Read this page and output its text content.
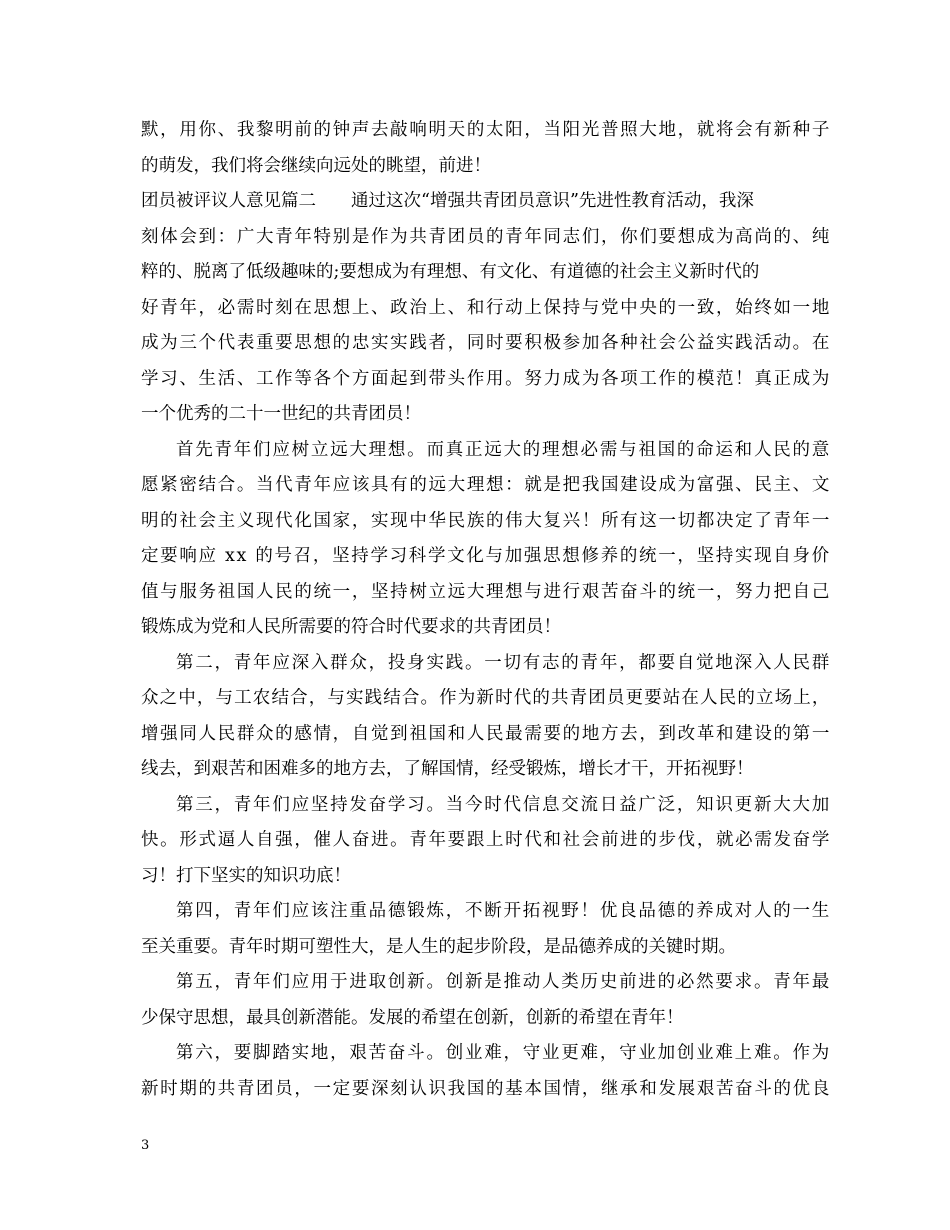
默，用你、我黎明前的钟声去敲响明天的太阳，当阳光普照大地，就将会有新种子
的萌发，我们将会继续向远处的眺望，前进！
团员被评议人意见篇二　　通过这次“增强共青团员意识”先进性教育活动，我深
刻体会到：广大青年特别是作为共青团员的青年同志们，你们要想成为高尚的、纯
粹的、脱离了低级趣味的;要想成为有理想、有文化、有道德的社会主义新时代的
好青年，必需时刻在思想上、政治上、和行动上保持与党中央的一致，始终如一地
成为三个代表重要思想的忠实实践者，同时要积极参加各种社会公益实践活动。在
学习、生活、工作等各个方面起到带头作用。努力成为各项工作的模范！真正成为
一个优秀的二十一世纪的共青团员！
首先青年们应树立远大理想。而真正远大的理想必需与祖国的命运和人民的意
愿紧密结合。当代青年应该具有的远大理想：就是把我国建设成为富强、民主、文
明的社会主义现代化国家，实现中华民族的伟大复兴！所有这一切都决定了青年一
定要响应 xx 的号召，坚持学习科学文化与加强思想修养的统一，坚持实现自身价
值与服务祖国人民的统一，坚持树立远大理想与进行艰苦奋斗的统一，努力把自己
锻炼成为党和人民所需要的符合时代要求的共青团员！
第二，青年应深入群众，投身实践。一切有志的青年，都要自觉地深入人民群
众之中，与工农结合，与实践结合。作为新时代的共青团员更要站在人民的立场上，
增强同人民群众的感情，自觉到祖国和人民最需要的地方去，到改革和建设的第一
线去，到艰苦和困难多的地方去，了解国情，经受锻炼，增长才干，开拓视野！
第三，青年们应坚持发奋学习。当今时代信息交流日益广泛，知识更新大大加
快。形式逼人自强，催人奋进。青年要跟上时代和社会前进的步伐，就必需发奋学
习！打下坚实的知识功底！
第四，青年们应该注重品德锻炼，不断开拓视野！优良品德的养成对人的一生
至关重要。青年时期可塑性大，是人生的起步阶段，是品德养成的关键时期。
第五，青年们应用于进取创新。创新是推动人类历史前进的必然要求。青年最
少保守思想，最具创新潜能。发展的希望在创新，创新的希望在青年！
第六，要脚踏实地，艰苦奋斗。创业难，守业更难，守业加创业难上难。作为
新时期的共青团员，一定要深刻认识我国的基本国情，继承和发展艰苦奋斗的优良
3
